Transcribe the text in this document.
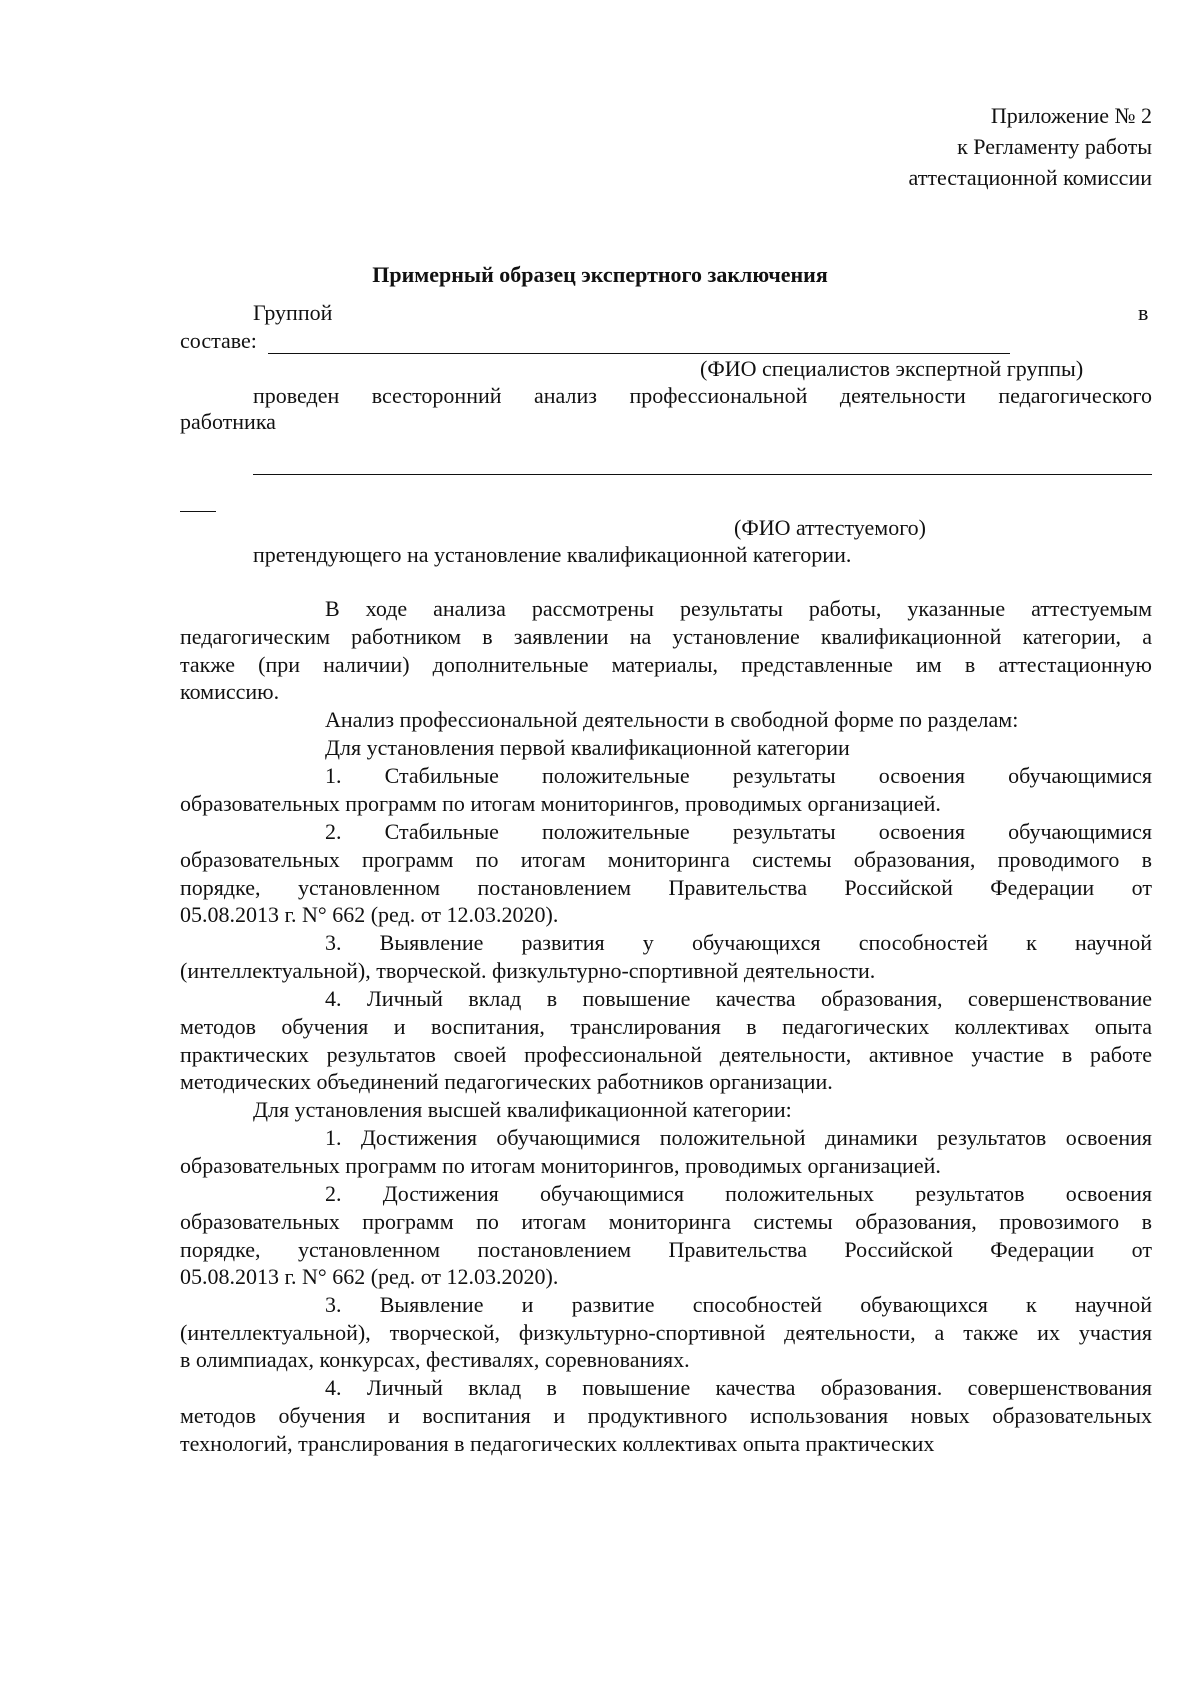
Приложение № 2
к Регламенту работы
аттестационной комиссии
Примерный образец экспертного заключения
Группой	в
составе:
(ФИО специалистов экспертной группы)
проведен всесторонний анализ профессиональной деятельности педагогического
работника
(ФИО аттестуемого)
претендующего на установление квалификационной категории.
В ходе анализа рассмотрены результаты работы, указанные аттестуемым
педагогическим работником в заявлении на установление квалификационной категории, а
также (при наличии) дополнительные материалы, представленные им в аттестационную
комиссию.
Анализ профессиональной деятельности в свободной форме по разделам:
Для установления первой квалификационной категории
1. Стабильные положительные результаты освоения обучающимися
образовательных программ по итогам мониторингов, проводимых организацией.
2. Стабильные положительные результаты освоения обучающимися
образовательных программ по итогам мониторинга системы образования, проводимого в
порядке, установленном постановлением Правительства Российской Федерации от
05.08.2013 г. N° 662 (ред. от 12.03.2020).
3. Выявление развития у обучающихся способностей к научной
(интеллектуальной), творческой. физкультурно-спортивной деятельности.
4. Личный вклад в повышение качества образования, совершенствование
методов обучения и воспитания, транслирования в педагогических коллективах опыта
практических результатов своей профессиональной деятельности, активное участие в работе
методических объединений педагогических работников организации.
Для установления высшей квалификационной категории:
1. Достижения обучающимися положительной динамики результатов освоения
образовательных программ по итогам мониторингов, проводимых организацией.
2. Достижения обучающимися положительных результатов освоения
образовательных программ по итогам мониторинга системы образования, провозимого в
порядке, установленном постановлением Правительства Российской Федерации от
05.08.2013 г. N° 662 (ред. от 12.03.2020).
3. Выявление и развитие способностей обувающихся к научной
(интеллектуальной), творческой, физкультурно-спортивной деятельности, а также их участия
в олимпиадах, конкурсах, фестивалях, соревнованиях.
4. Личный вклад в повышение качества образования. совершенствования
методов обучения и воспитания и продуктивного использования новых образовательных
технологий, транслирования в педагогических коллективах опыта практических
